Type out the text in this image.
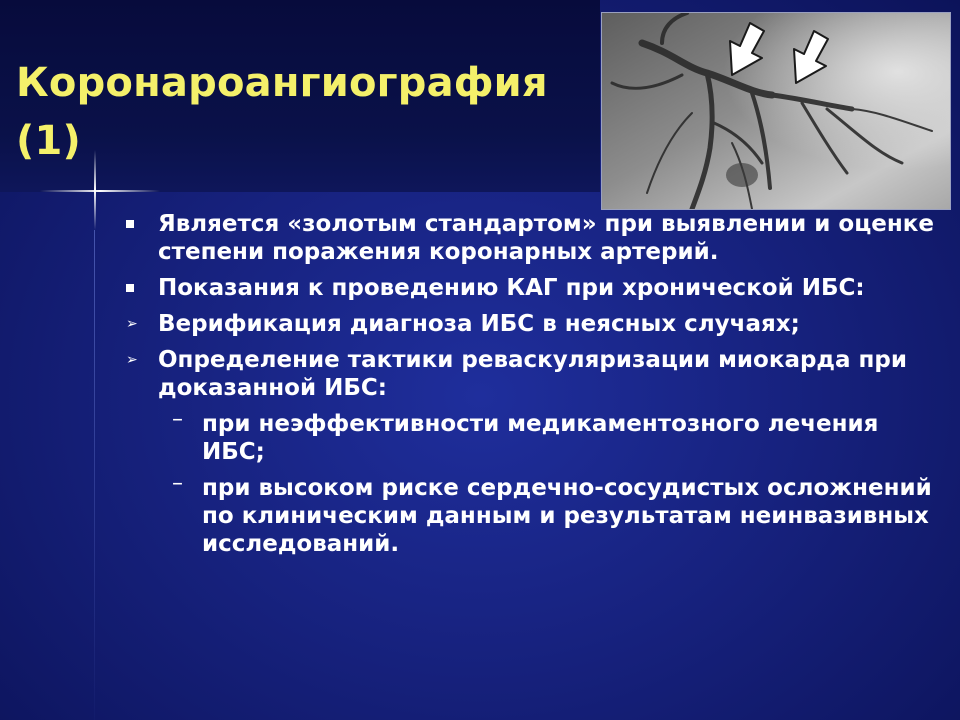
Коронароангиография (1)
Является «золотым стандартом» при выявлении и оценке степени поражения коронарных артерий.
Показания к проведению КАГ при хронической ИБС:
➢ Верификация диагноза ИБС в неясных случаях;
➢ Определение тактики реваскуляризации миокарда при доказанной ИБС:
– при неэффективности медикаментозного лечения ИБС;
– при высоком риске сердечно-сосудистых осложнений по клиническим данным и результатам неинвазивных исследований.
